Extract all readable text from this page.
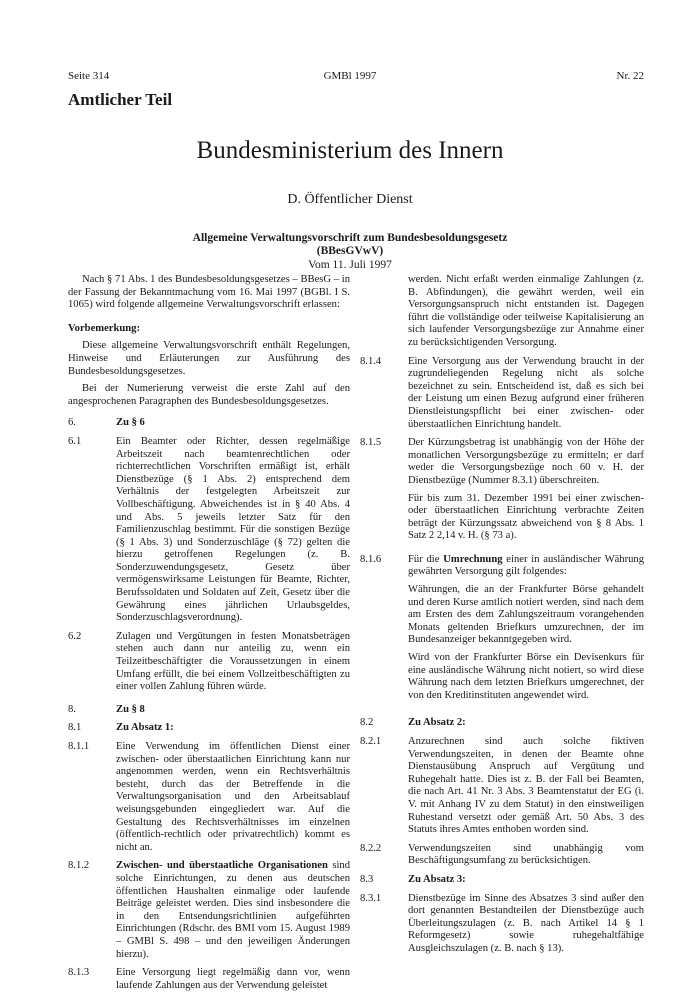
Seite 314	GMBl 1997	Nr. 22
Amtlicher Teil
Bundesministerium des Innern
D. Öffentlicher Dienst
Allgemeine Verwaltungsvorschrift zum Bundesbesoldungsgesetz
(BBesGVwV)
Vom 11. Juli 1997

Nach § 71 Abs. 1 des Bundesbesoldungsgesetzes – BBesG – in der Fassung der Bekanntmachung vom 16. Mai 1997 (BGBl. I S. 1065) wird folgende allgemeine Verwaltungsvorschrift erlassen:

Vorbemerkung:

Diese allgemeine Verwaltungsvorschrift enthält Regelungen, Hinweise und Erläuterungen zur Ausführung des Bundesbesoldungsgesetzes.

Bei der Numerierung verweist die erste Zahl auf den angesprochenen Paragraphen des Bundesbesoldungsgesetzes.

6.	Zu § 6
6.1	Ein Beamter oder Richter, dessen regelmäßige Arbeitszeit nach beamtenrechtlichen oder richterrechtlichen Vorschriften ermäßigt ist, erhält Dienstbezüge (§ 1 Abs. 2) entsprechend dem Verhältnis der festgelegten Arbeitszeit zur Vollbeschäftigung. Abweichendes ist in § 40 Abs. 4 und Abs. 5 jeweils letzter Satz für den Familienzuschlag bestimmt. Für die sonstigen Bezüge (§ 1 Abs. 3) und Sonderzuschläge (§ 72) gelten die hierzu getroffenen Regelungen (z. B. Sonderzuwendungsgesetz, Gesetz über vermögenswirksame Leistungen für Beamte, Richter, Berufssoldaten und Soldaten auf Zeit, Gesetz über die Gewährung eines jährlichen Urlaubsgeldes, Sonderzuschlagsverordnung).
6.2	Zulagen und Vergütungen in festen Monatsbeträgen stehen auch dann nur anteilig zu, wenn ein Teilzeitbeschäftigter die Voraussetzungen in einem Umfang erfüllt, die bei einem Vollzeitbeschäftigten zu einer vollen Zahlung führen würde.
8.	Zu § 8
8.1	Zu Absatz 1:
8.1.1	Eine Verwendung im öffentlichen Dienst einer zwischen- oder überstaatlichen Einrichtung kann nur angenommen werden, wenn ein Rechtsverhältnis besteht, durch das der Betreffende in die Verwaltungsorganisation und den Arbeitsablauf weisungsgebunden eingegliedert war. Auf die Gestaltung des Rechtsverhältnisses im einzelnen (öffentlich-rechtlich oder privatrechtlich) kommt es nicht an.
8.1.2	Zwischen- und überstaatliche Organisationen sind solche Einrichtungen, zu denen aus deutschen öffentlichen Haushalten einmalige oder laufende Beiträge geleistet werden. Dies sind insbesondere die in den Entsendungsrichtlinien aufgeführten Einrichtungen (Rdschr. des BMI vom 15. August 1989 – GMBl S. 498 – und den jeweiligen Änderungen hierzu).
8.1.3	Eine Versorgung liegt regelmäßig dann vor, wenn laufende Zahlungen aus der Verwendung geleistet
werden. Nicht erfaßt werden einmalige Zahlungen (z. B. Abfindungen), die gewährt werden, weil ein Versorgungsanspruch nicht entstanden ist. Dagegen führt die vollständige oder teilweise Kapitalisierung an sich laufender Versorgungsbezüge zur Annahme einer zu berücksichtigenden Versorgung.
8.1.4	Eine Versorgung aus der Verwendung braucht in der zugrundeliegenden Regelung nicht als solche bezeichnet zu sein. Entscheidend ist, daß es sich bei der Leistung um einen Bezug aufgrund einer früheren Dienstleistungspflicht bei einer zwischen- oder überstaatlichen Einrichtung handelt.
8.1.5	Der Kürzungsbetrag ist unabhängig von der Höhe der monatlichen Versorgungsbezüge zu ermitteln; er darf weder die Versorgungsbezüge noch 60 v. H. der Dienstbezüge (Nummer 8.3.1) überschreiten.

Für bis zum 31. Dezember 1991 bei einer zwischen- oder überstaatlichen Einrichtung verbrachte Zeiten beträgt der Kürzungssatz abweichend von § 8 Abs. 1 Satz 2 2,14 v. H. (§ 73 a).

8.1.6	Für die Umrechnung einer in ausländischer Währung gewährten Versorgung gilt folgendes:

Währungen, die an der Frankfurter Börse gehandelt und deren Kurse amtlich notiert werden, sind nach dem am Ersten des dem Zahlungszeitraum vorangehenden Monats geltenden Briefkurs umzurechnen, der im Bundesanzeiger bekanntgegeben wird.

Wird von der Frankfurter Börse ein Devisenkurs für eine ausländische Währung nicht notiert, so wird diese Währung nach dem letzten Briefkurs umgerechnet, der von den Kreditinstituten angewendet wird.

8.2	Zu Absatz 2:
8.2.1	Anzurechnen sind auch solche fiktiven Verwendungszeiten, in denen der Beamte ohne Dienstausübung Anspruch auf Vergütung und Ruhegehalt hatte. Dies ist z. B. der Fall bei Beamten, die nach Art. 41 Nr. 3 Abs. 3 Beamtenstatut der EG (i. V. mit Anhang IV zu dem Statut) in den einstweiligen Ruhestand versetzt oder gemäß Art. 50 Abs. 3 des Statuts ihres Amtes enthoben worden sind.
8.2.2	Verwendungszeiten sind unabhängig vom Beschäftigungsumfang zu berücksichtigen.
8.3	Zu Absatz 3:
8.3.1	Dienstbezüge im Sinne des Absatzes 3 sind außer den dort genannten Bestandteilen der Dienstbezüge auch Überleitungszulagen (z. B. nach Artikel 14 § 1 Reformgesetz) sowie ruhegehaltfähige Ausgleichszulagen (z. B. nach § 13).
